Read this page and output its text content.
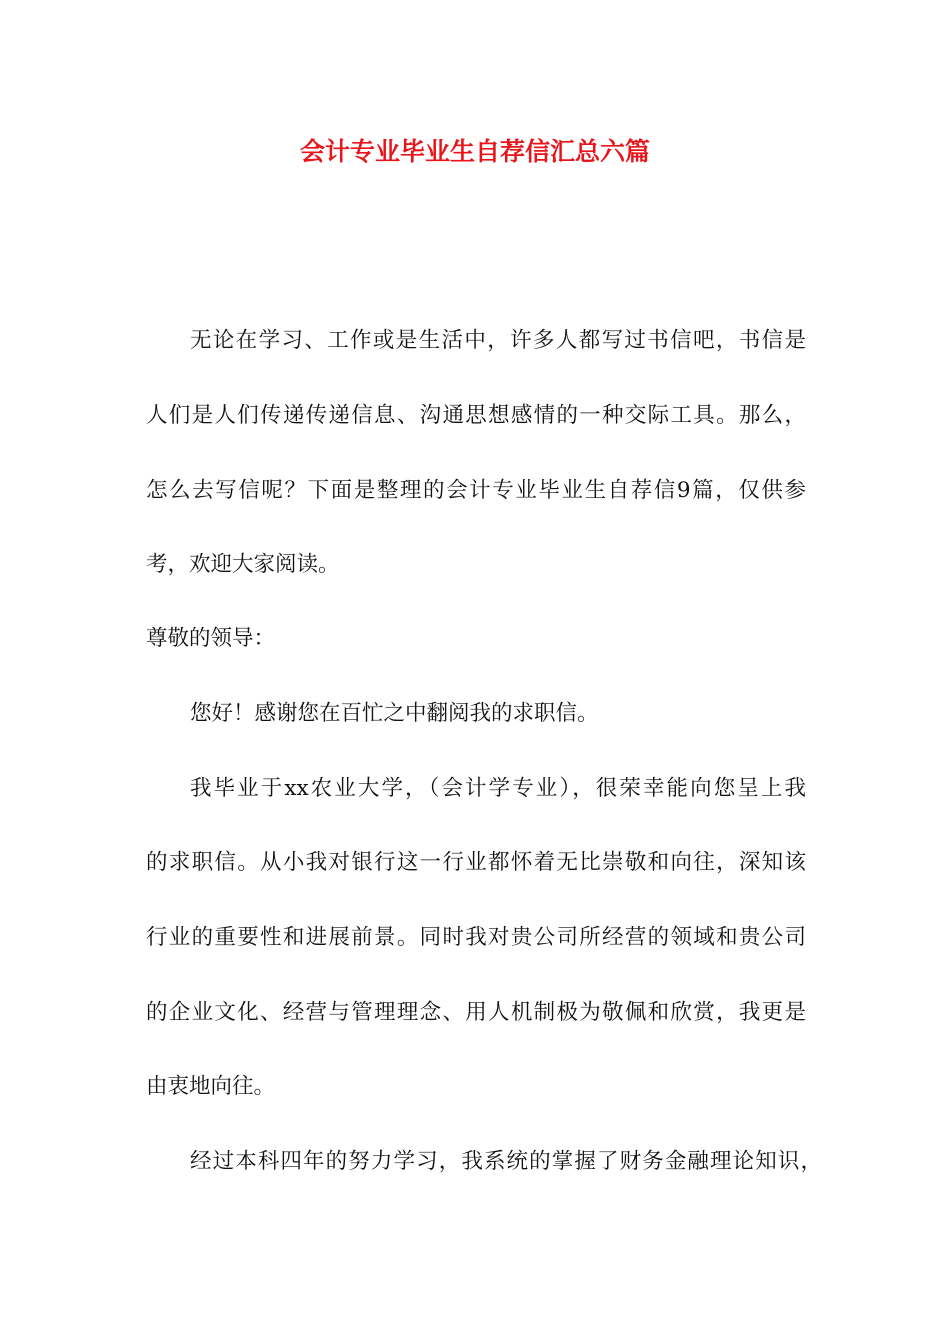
会计专业毕业生自荐信汇总六篇

无论在学习、工作或是生活中，许多人都写过书信吧，书信是

人们是人们传递传递信息、沟通思想感情的一种交际工具。那么，

怎么去写信呢？下面是整理的会计专业毕业生自荐信9篇，仅供参

考，欢迎大家阅读。

尊敬的领导：

您好！感谢您在百忙之中翻阅我的求职信。

我毕业于xx农业大学，（会计学专业），很荣幸能向您呈上我

的求职信。从小我对银行这一行业都怀着无比崇敬和向往，深知该

行业的重要性和进展前景。同时我对贵公司所经营的领域和贵公司

的企业文化、经营与管理理念、用人机制极为敬佩和欣赏，我更是

由衷地向往。

经过本科四年的努力学习，我系统的掌握了财务金融理论知识，
